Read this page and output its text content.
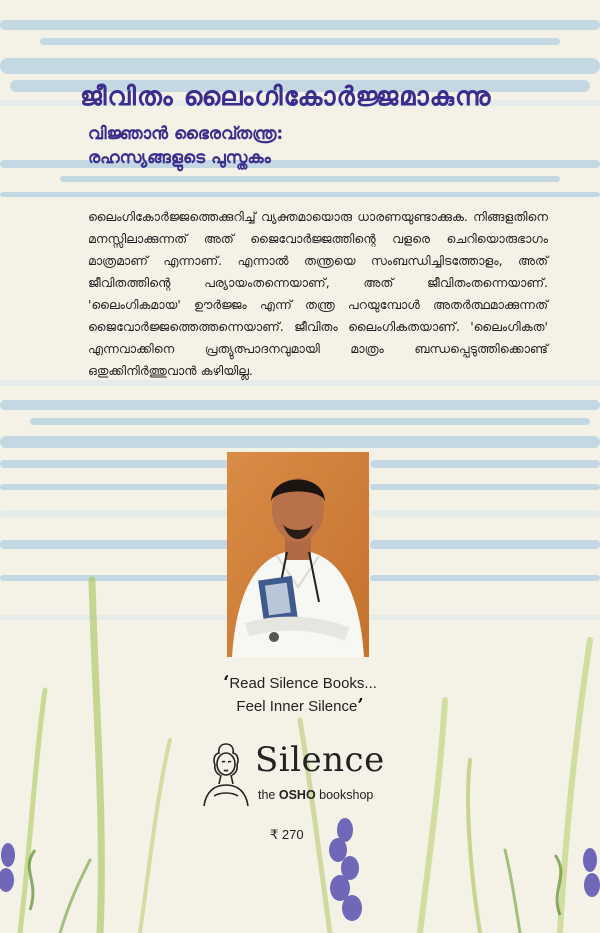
ജീവിതം ലൈംഗികോർജ്ജമാകുന്നു
വിജ്ഞാൻ ഭൈരവ്തന്ത്ര:
രഹസ്യങ്ങളുടെ പുസ്തകം

ലൈംഗികോർജ്ജത്തെക്കുറിച്ച് വ്യക്തമായൊരു ധാരണയുണ്ടാക്കുക. നിങ്ങളതിനെ മനസ്സിലാക്കുന്നത് അത് ജൈവോർജ്ജത്തിന്റെ വളരെ ചെറിയൊരുഭാഗം മാത്രമാണ് എന്നാണ്. എന്നാൽ തന്ത്രയെ സംബന്ധിച്ചിടത്തോളം, അത് ജീവിതത്തിന്റെ പര്യായംതന്നെയാണ്, അത് ജീവിതംതന്നെയാണ്. 'ലൈംഗികമായ' ഊർജ്ജം എന്ന് തന്ത്ര പറയുമ്പോൾ അതർത്ഥമാക്കുന്നത് ജൈവോർജ്ജത്തെത്തന്നെയാണ്. ജീവിതം ലൈംഗികതയാണ്. 'ലൈംഗികത' എന്നവാക്കിനെ പ്രത്യുത്പാദനവുമായി മാത്രം ബന്ധപ്പെടുത്തിക്കൊണ്ട് ഒതുക്കിനിർത്തുവാൻ കഴിയില്ല.

‘Read Silence Books...
Feel Inner Silence’
Silence
the OSHO bookshop
₹ 270
